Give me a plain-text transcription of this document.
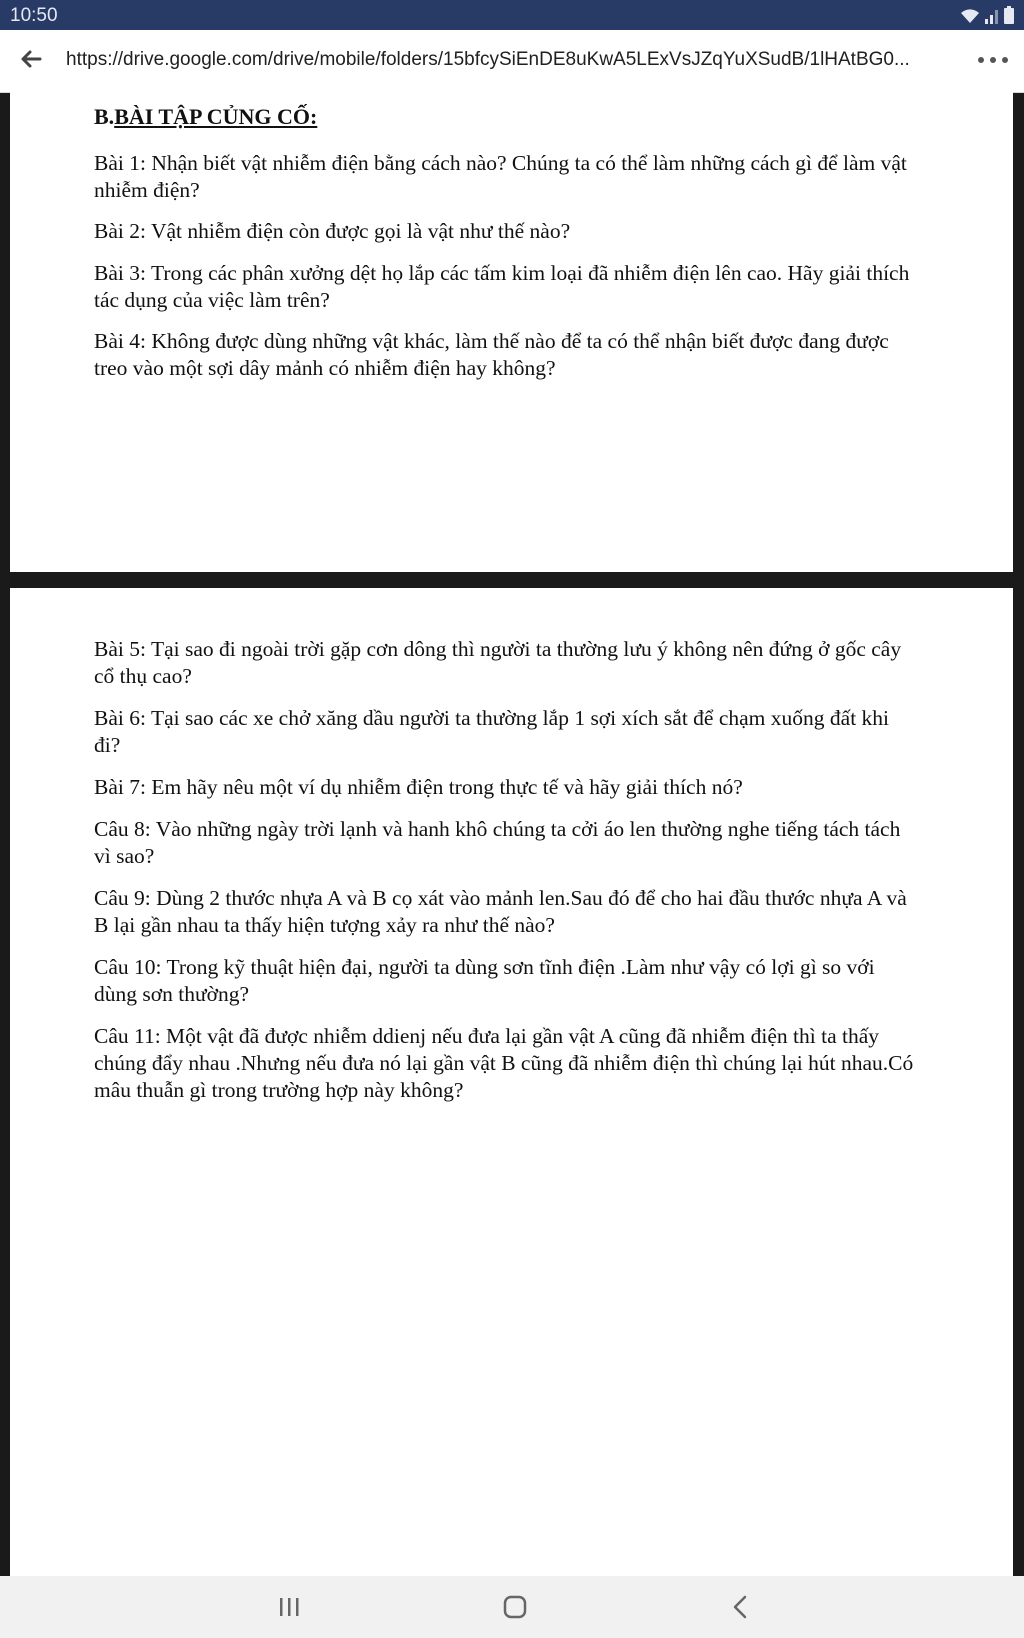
10:50
https://drive.google.com/drive/mobile/folders/15bfcySiEnDE8uKwA5LExVsJZqYuXSudB/1lHAtBG0...
B.BÀI TẬP CỦNG CỐ:

Bài 1: Nhận biết vật nhiễm điện bằng cách nào? Chúng ta có thể làm những cách gì để làm vật nhiễm điện?

Bài 2: Vật nhiễm điện còn được gọi là vật như thế nào?

Bài 3: Trong các phân xưởng dệt họ lắp các tấm kim loại đã nhiễm điện lên cao. Hãy giải thích tác dụng của việc làm trên?

Bài 4: Không được dùng những vật khác, làm thế nào để ta có thể nhận biết được đang được treo vào một sợi dây mảnh có nhiễm điện hay không?

Bài 5: Tại sao đi ngoài trời gặp cơn dông thì người ta thường lưu ý không nên đứng ở gốc cây cổ thụ cao?

Bài 6: Tại sao các xe chở xăng dầu người ta thường lắp 1 sợi xích sắt để chạm xuống đất khi đi?

Bài 7: Em hãy nêu một ví dụ nhiễm điện trong thực tế và hãy giải thích nó?

Câu 8: Vào những ngày trời lạnh và hanh khô chúng ta cởi áo len thường nghe tiếng tách tách vì sao?

Câu 9: Dùng 2 thước nhựa A và B cọ xát vào mảnh len.Sau đó để cho hai đầu thước nhựa A và B lại gần nhau ta thấy hiện tượng xảy ra như thế nào?

Câu 10: Trong kỹ thuật hiện đại, người ta dùng sơn tĩnh điện .Làm như vậy có lợi gì so với dùng sơn thường?

Câu 11: Một vật đã được nhiễm ddienj nếu đưa lại gần vật A cũng đã nhiễm điện thì ta thấy chúng đẩy nhau .Nhưng nếu đưa nó lại gần vật B cũng đã nhiễm điện thì chúng lại hút nhau.Có mâu thuẫn gì trong trường hợp này không?
